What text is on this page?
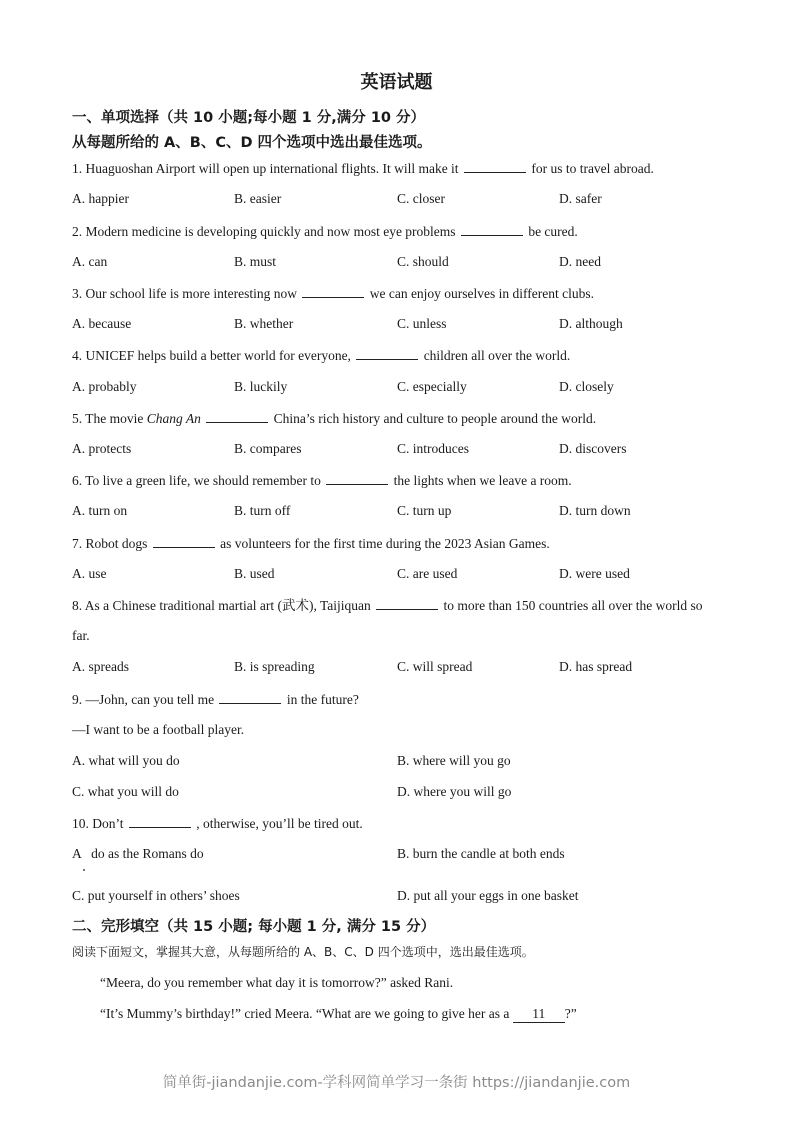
英语试题
一、单项选择（共 10 小题;每小题 1 分,满分 10 分）
从每题所给的 A、B、C、D 四个选项中选出最佳选项。
1. Huaguoshan Airport will open up international flights. It will make it	for us to travel abroad.
A. happier	B. easier	C. closer	D. safer
2. Modern medicine is developing quickly and now most eye problems	be cured.
A. can	B. must	C. should	D. need
3. Our school life is more interesting now	we can enjoy ourselves in different clubs.
A. because	B. whether	C. unless	D. although
4. UNICEF helps build a better world for everyone,	children all over the world.
A. probably	B. luckily	C. especially	D. closely
5. The movie Chang An	China’s rich history and culture to people around the world.
A. protects	B. compares	C. introduces	D. discovers
6. To live a green life, we should remember to	the lights when we leave a room.
A. turn on	B. turn off	C. turn up	D. turn down
7. Robot dogs	as volunteers for the first time during the 2023 Asian Games.
A. use	B. used	C. are used	D. were used
8. As a Chinese traditional martial art (武术), Taijiquan	to more than 150 countries all over the world so
far.
A. spreads	B. is spreading	C. will spread	D. has spread
9. —John, can you tell me	in the future?
—I want to be a football player.
A. what will you do	B. where will you go
C. what you will do	D. where you will go
10. Don’t	, otherwise, you’ll be tired out.
A   do as the Romans do	B. burn the candle at both ends
C. put yourself in others’ shoes	D. put all your eggs in one basket
二、完形填空（共 15 小题; 每小题 1 分, 满分 15 分）
阅读下面短文，掌握其大意，从每题所给的 A、B、C、D 四个选项中，选出最佳选项。
“Meera, do you remember what day it is tomorrow?” asked Rani.
“It’s Mummy’s birthday!” cried Meera. “What are we going to give her as a 11 ?”
简单街-jiandanjie.com-学科网简单学习一条街 https://jiandanjie.com
